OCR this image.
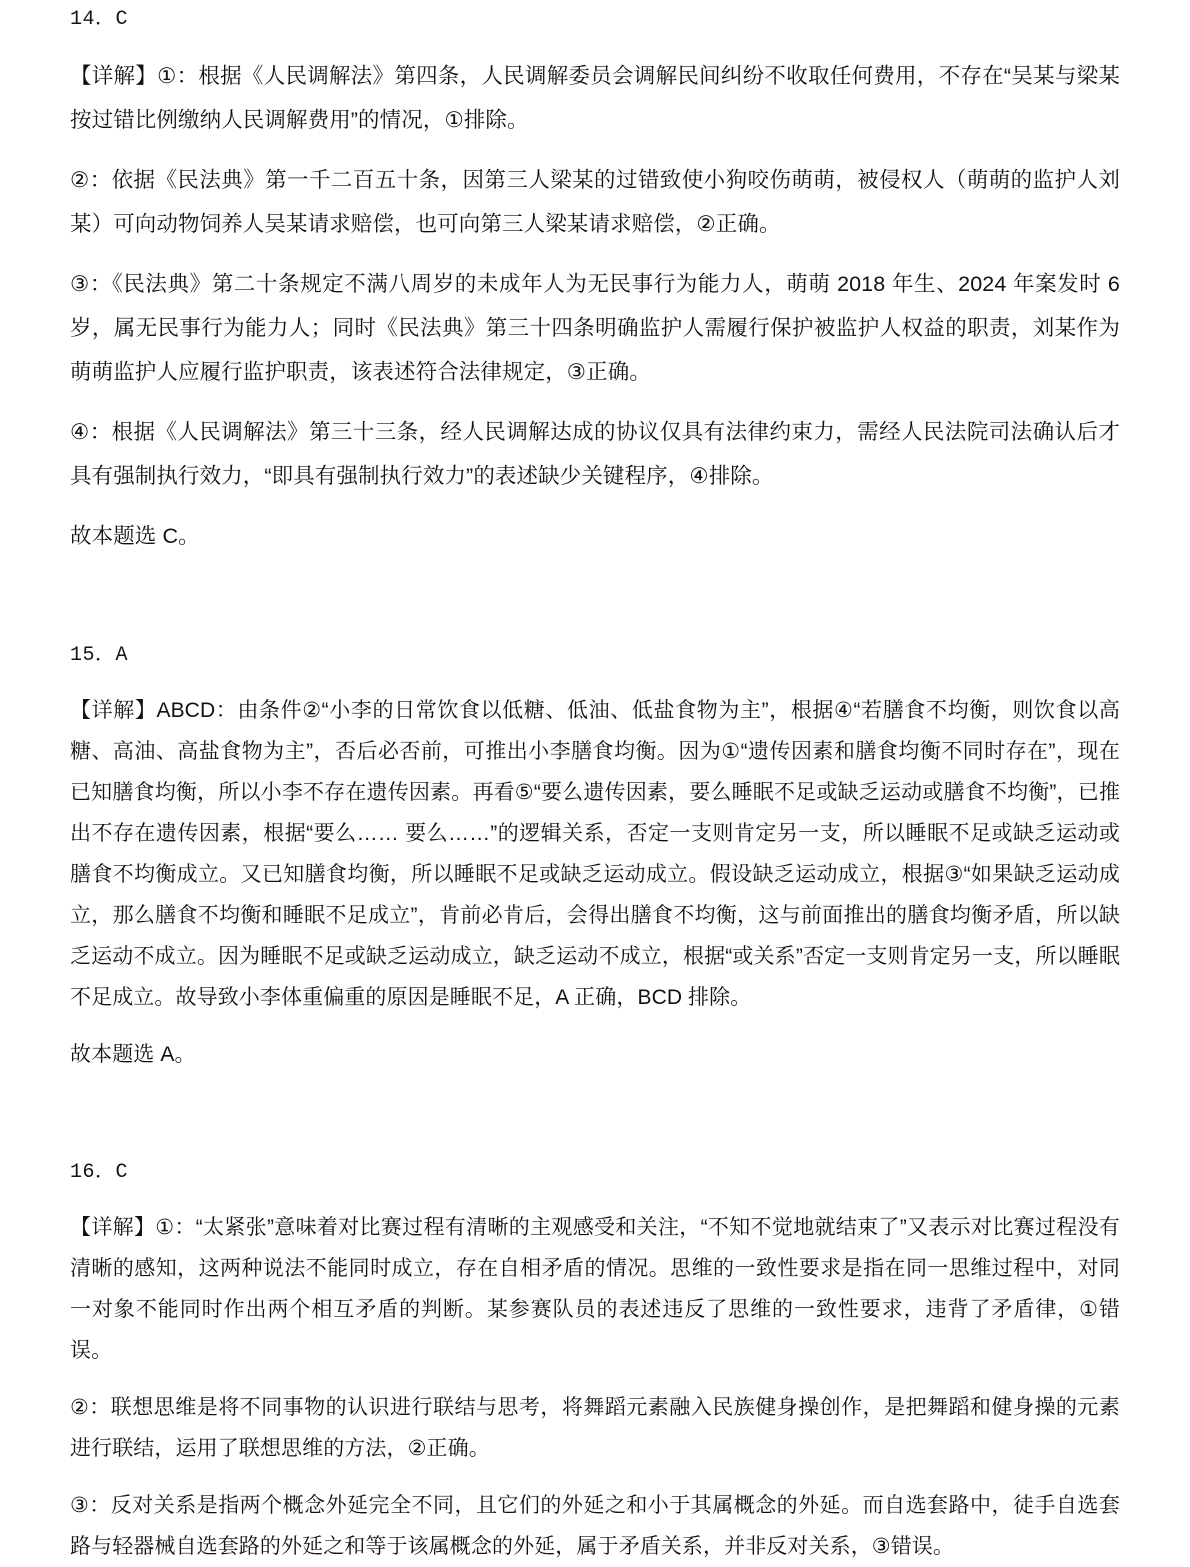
14．C
【详解】①：根据《人民调解法》第四条，人民调解委员会调解民间纠纷不收取任何费用，不存在“吴某与梁某按过错比例缴纳人民调解费用”的情况，①排除。
②：依据《民法典》第一千二百五十条，因第三人梁某的过错致使小狗咬伤萌萌，被侵权人（萌萌的监护人刘某）可向动物饲养人吴某请求赔偿，也可向第三人梁某请求赔偿，②正确。
③：《民法典》第二十条规定不满八周岁的未成年人为无民事行为能力人，萌萌 2018 年生、2024 年案发时 6 岁，属无民事行为能力人；同时《民法典》第三十四条明确监护人需履行保护被监护人权益的职责，刘某作为萌萌监护人应履行监护职责，该表述符合法律规定，③正确。
④：根据《人民调解法》第三十三条，经人民调解达成的协议仅具有法律约束力，需经人民法院司法确认后才具有强制执行效力，“即具有强制执行效力”的表述缺少关键程序，④排除。
故本题选 C。
15．A
【详解】ABCD：由条件②“小李的日常饮食以低糖、低油、低盐食物为主”，根据④“若膳食不均衡，则饮食以高糖、高油、高盐食物为主”，否后必否前，可推出小李膳食均衡。因为①“遗传因素和膳食均衡不同时存在”，现在已知膳食均衡，所以小李不存在遗传因素。再看⑤“要么遗传因素，要么睡眠不足或缺乏运动或膳食不均衡”，已推出不存在遗传因素，根据“要么…… 要么……”的逻辑关系，否定一支则肯定另一支，所以睡眠不足或缺乏运动或膳食不均衡成立。又已知膳食均衡，所以睡眠不足或缺乏运动成立。假设缺乏运动成立，根据③“如果缺乏运动成立，那么膳食不均衡和睡眠不足成立”，肯前必肯后，会得出膳食不均衡，这与前面推出的膳食均衡矛盾，所以缺乏运动不成立。因为睡眠不足或缺乏运动成立，缺乏运动不成立，根据“或关系”否定一支则肯定另一支，所以睡眠不足成立。故导致小李体重偏重的原因是睡眠不足，A 正确，BCD 排除。
故本题选 A。
16．C
【详解】①：“太紧张”意味着对比赛过程有清晰的主观感受和关注，“不知不觉地就结束了”又表示对比赛过程没有清晰的感知，这两种说法不能同时成立，存在自相矛盾的情况。思维的一致性要求是指在同一思维过程中，对同一对象不能同时作出两个相互矛盾的判断。某参赛队员的表述违反了思维的一致性要求，违背了矛盾律，①错误。
②：联想思维是将不同事物的认识进行联结与思考，将舞蹈元素融入民族健身操创作，是把舞蹈和健身操的元素进行联结，运用了联想思维的方法，②正确。
③：反对关系是指两个概念外延完全不同，且它们的外延之和小于其属概念的外延。而自选套路中，徒手自选套路与轻器械自选套路的外延之和等于该属概念的外延，属于矛盾关系，并非反对关系，③错误。
